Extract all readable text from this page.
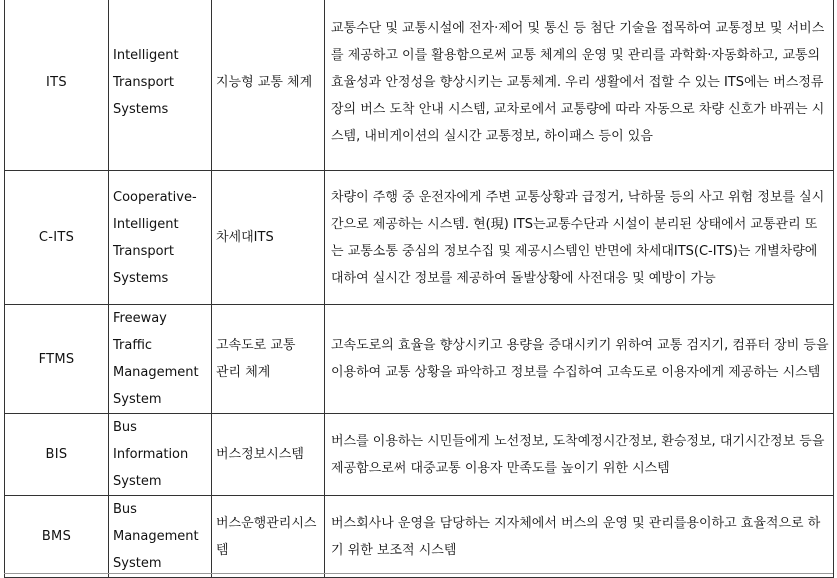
ITS	Intelligent Transport Systems	지능형 교통 체계	교통수단 및 교통시설에 전자·제어 및 통신 등 첨단 기술을 접목하여 교통정보 및 서비스를 제공하고 이를 활용함으로써 교통 체계의 운영 및 관리를 과학화·자동화하고, 교통의 효율성과 안정성을 향상시키는 교통체계. 우리 생활에서 접할 수 있는 ITS에는 버스정류장의 버스 도착 안내 시스템, 교차로에서 교통량에 따라 자동으로 차량 신호가 바뀌는 시스템, 내비게이션의 실시간 교통정보, 하이패스 등이 있음
C-ITS	Cooperative-Intelligent Transport Systems	차세대ITS	차량이 주행 중 운전자에게 주변 교통상황과 급정거, 낙하물 등의 사고 위험 정보를 실시간으로 제공하는 시스템. 현(現) ITS는교통수단과 시설이 분리된 상태에서 교통관리 또는 교통소통 중심의 정보수집 및 제공시스템인 반면에 차세대ITS(C-ITS)는 개별차량에 대하여 실시간 정보를 제공하여 돌발상황에 사전대응 및 예방이 가능
FTMS	Freeway Traffic Management System	고속도로 교통 관리 체계	고속도로의 효율을 향상시키고 용량을 증대시키기 위하여 교통 검지기, 컴퓨터 장비 등을 이용하여 교통 상황을 파악하고 정보를 수집하여 고속도로 이용자에게 제공하는 시스템
BIS	Bus Information System	버스정보시스템	버스를 이용하는 시민들에게 노선정보, 도착예정시간정보, 환승정보, 대기시간정보 등을 제공함으로써 대중교통 이용자 만족도를 높이기 위한 시스템
BMS	Bus Management System	버스운행관리시스템	버스회사나 운영을 담당하는 지자체에서 버스의 운영 및 관리를용이하고 효율적으로 하기 위한 보조적 시스템
